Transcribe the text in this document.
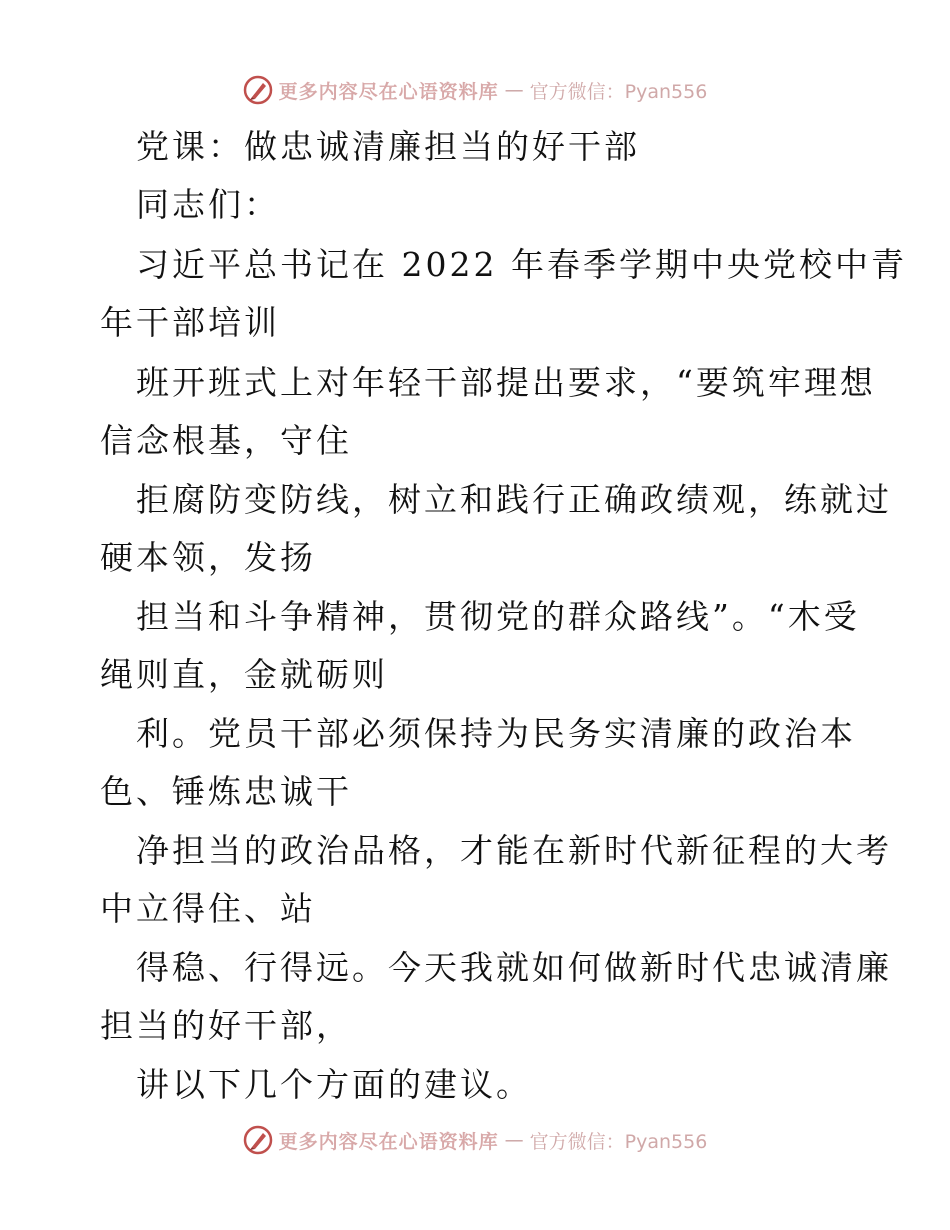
更多内容尽在心语资料库 — 官方微信：Pyan556
党课：做忠诚清廉担当的好干部
同志们：
习近平总书记在 2022 年春季学期中央党校中青
年干部培训
班开班式上对年轻干部提出要求，“要筑牢理想
信念根基，守住
拒腐防变防线，树立和践行正确政绩观，练就过
硬本领，发扬
担当和斗争精神，贯彻党的群众路线”。“木受
绳则直，金就砺则
利。党员干部必须保持为民务实清廉的政治本
色、锤炼忠诚干
净担当的政治品格，才能在新时代新征程的大考
中立得住、站
得稳、行得远。今天我就如何做新时代忠诚清廉
担当的好干部，
讲以下几个方面的建议。
更多内容尽在心语资料库 — 官方微信：Pyan556
